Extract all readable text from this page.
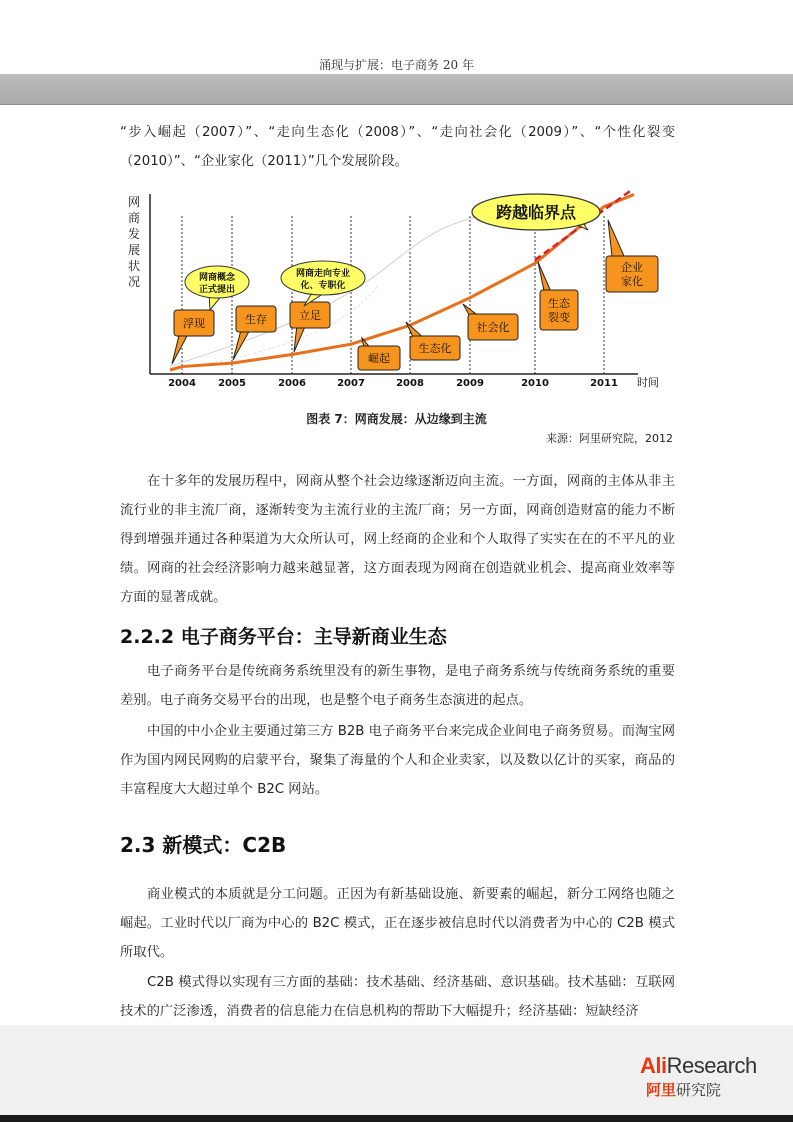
涌现与扩展：电子商务 20 年

“步入崛起（2007）”、“走向生态化（2008）”、“走向社会化（2009）”、“个性化裂变（2010）”、“企业家化（2011）”几个发展阶段。

网
商
发
展
状
况
时间
2004 2005	2006	2007	2008	2009	2010	2011
浮现	生存	立足
崛起
生态化
社会化
生态
裂变
企业
家化
网商概念
正式提出
网商走向专业
化、专职化
跨越临界点
图表 7：网商发展：从边缘到主流
来源：阿里研究院，2012

在十多年的发展历程中，网商从整个社会边缘逐渐迈向主流。一方面，网商的主体从非主流行业的非主流厂商，逐渐转变为主流行业的主流厂商；另一方面，网商创造财富的能力不断得到增强并通过各种渠道为大众所认可，网上经商的企业和个人取得了实实在在的不平凡的业绩。网商的社会经济影响力越来越显著，这方面表现为网商在创造就业机会、提高商业效率等方面的显著成就。

2.2.2 电子商务平台：主导新商业生态

电子商务平台是传统商务系统里没有的新生事物，是电子商务系统与传统商务系统的重要差别。电子商务交易平台的出现，也是整个电子商务生态演进的起点。

中国的中小企业主要通过第三方 B2B 电子商务平台来完成企业间电子商务贸易。而淘宝网作为国内网民网购的启蒙平台，聚集了海量的个人和企业卖家，以及数以亿计的买家，商品的丰富程度大大超过单个 B2C 网站。

2.3 新模式：C2B

商业模式的本质就是分工问题。正因为有新基础设施、新要素的崛起，新分工网络也随之崛起。工业时代以厂商为中心的 B2C 模式，正在逐步被信息时代以消费者为中心的 C2B 模式所取代。

C2B 模式得以实现有三方面的基础：技术基础、经济基础、意识基础。技术基础：互联网技术的广泛渗透，消费者的信息能力在信息机构的帮助下大幅提升；经济基础：短缺经济

AliResearch
阿里研究院
